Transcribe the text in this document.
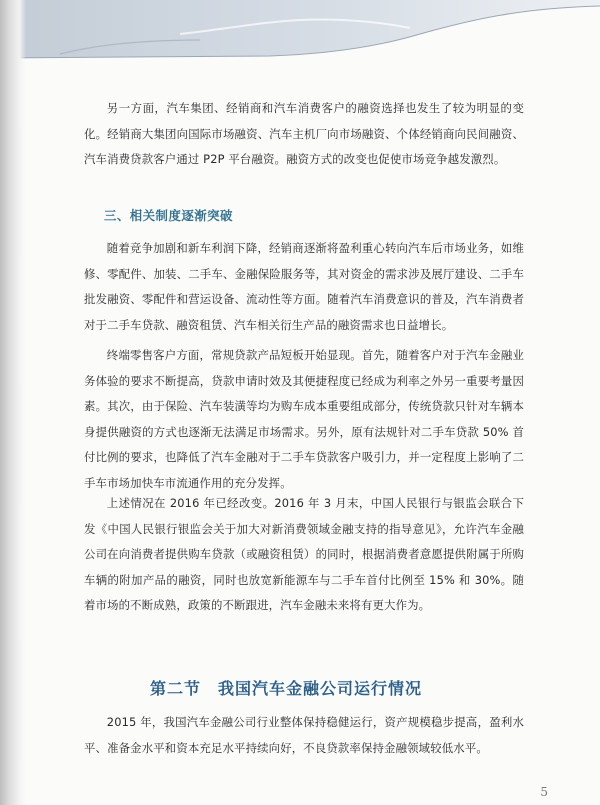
另一方面，汽车集团、经销商和汽车消费客户的融资选择也发生了较为明显的变化。经销商大集团向国际市场融资、汽车主机厂向市场融资、个体经销商向民间融资、汽车消费贷款客户通过 P2P 平台融资。融资方式的改变也促使市场竞争越发激烈。

三、相关制度逐渐突破

随着竞争加剧和新车利润下降，经销商逐渐将盈利重心转向汽车后市场业务，如维修、零配件、加装、二手车、金融保险服务等，其对资金的需求涉及展厅建设、二手车批发融资、零配件和营运设备、流动性等方面。随着汽车消费意识的普及，汽车消费者对于二手车贷款、融资租赁、汽车相关衍生产品的融资需求也日益增长。

终端零售客户方面，常规贷款产品短板开始显现。首先，随着客户对于汽车金融业务体验的要求不断提高，贷款申请时效及其便捷程度已经成为利率之外另一重要考量因素。其次，由于保险、汽车装潢等均为购车成本重要组成部分，传统贷款只针对车辆本身提供融资的方式也逐渐无法满足市场需求。另外，原有法规针对二手车贷款 50% 首付比例的要求，也降低了汽车金融对于二手车贷款客户吸引力，并一定程度上影响了二手车市场加快车市流通作用的充分发挥。

上述情况在 2016 年已经改变。2016 年 3 月末，中国人民银行与银监会联合下发《中国人民银行银监会关于加大对新消费领域金融支持的指导意见》，允许汽车金融公司在向消费者提供购车贷款（或融资租赁）的同时，根据消费者意愿提供附属于所购车辆的附加产品的融资，同时也放宽新能源车与二手车首付比例至 15% 和 30%。随着市场的不断成熟，政策的不断跟进，汽车金融未来将有更大作为。

第二节　我国汽车金融公司运行情况

2015 年，我国汽车金融公司行业整体保持稳健运行，资产规模稳步提高，盈利水平、准备金水平和资本充足水平持续向好，不良贷款率保持金融领域较低水平。

5
